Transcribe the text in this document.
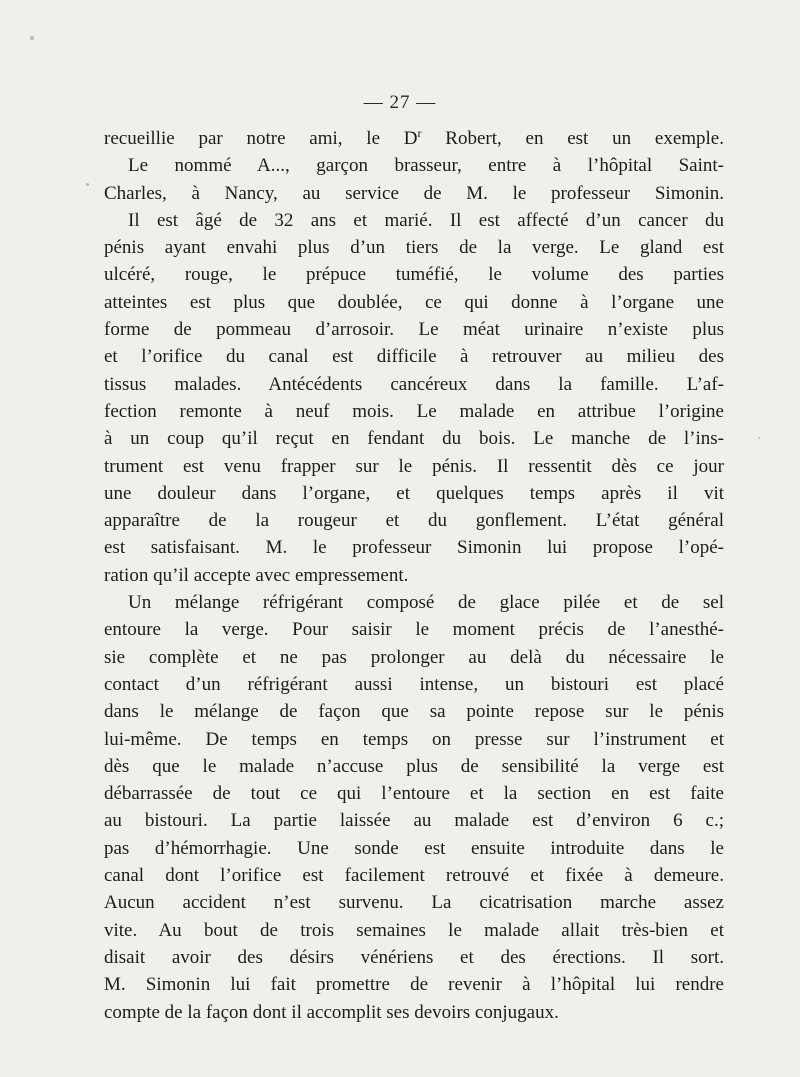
— 27 —
recueillie par notre ami, le $D^r$ Robert, en est un exemple.
Le nommé A..., garçon brasseur, entre à l’hôpital Saint-
Charles, à Nancy, au service de M. le professeur Simonin.
Il est âgé de 32 ans et marié. Il est affecté d’un cancer du
pénis ayant envahi plus d’un tiers de la verge. Le gland est
ulcéré, rouge, le prépuce tuméfié, le volume des parties
atteintes est plus que doublée, ce qui donne à l’organe une
forme de pommeau d’arrosoir. Le méat urinaire n’existe plus
et l’orifice du canal est difficile à retrouver au milieu des
tissus malades. Antécédents cancéreux dans la famille. L’af-
fection remonte à neuf mois. Le malade en attribue l’origine
à un coup qu’il reçut en fendant du bois. Le manche de l’ins-
trument est venu frapper sur le pénis. Il ressentit dès ce jour
une douleur dans l’organe, et quelques temps après il vit
apparaître de la rougeur et du gonflement. L’état général
est satisfaisant. M. le professeur Simonin lui propose l’opé-
ration qu’il accepte avec empressement.
Un mélange réfrigérant composé de glace pilée et de sel
entoure la verge. Pour saisir le moment précis de l’anesthé-
sie complète et ne pas prolonger au delà du nécessaire le
contact d’un réfrigérant aussi intense, un bistouri est placé
dans le mélange de façon que sa pointe repose sur le pénis
lui-même. De temps en temps on presse sur l’instrument et
dès que le malade n’accuse plus de sensibilité la verge est
débarrassée de tout ce qui l’entoure et la section en est faite
au bistouri. La partie laissée au malade est d’environ 6 c.;
pas d’hémorrhagie. Une sonde est ensuite introduite dans le
canal dont l’orifice est facilement retrouvé et fixée à demeure.
Aucun accident n’est survenu. La cicatrisation marche assez
vite. Au bout de trois semaines le malade allait très-bien et
disait avoir des désirs vénériens et des érections. Il sort.
M. Simonin lui fait promettre de revenir à l’hôpital lui rendre
compte de la façon dont il accomplit ses devoirs conjugaux.
